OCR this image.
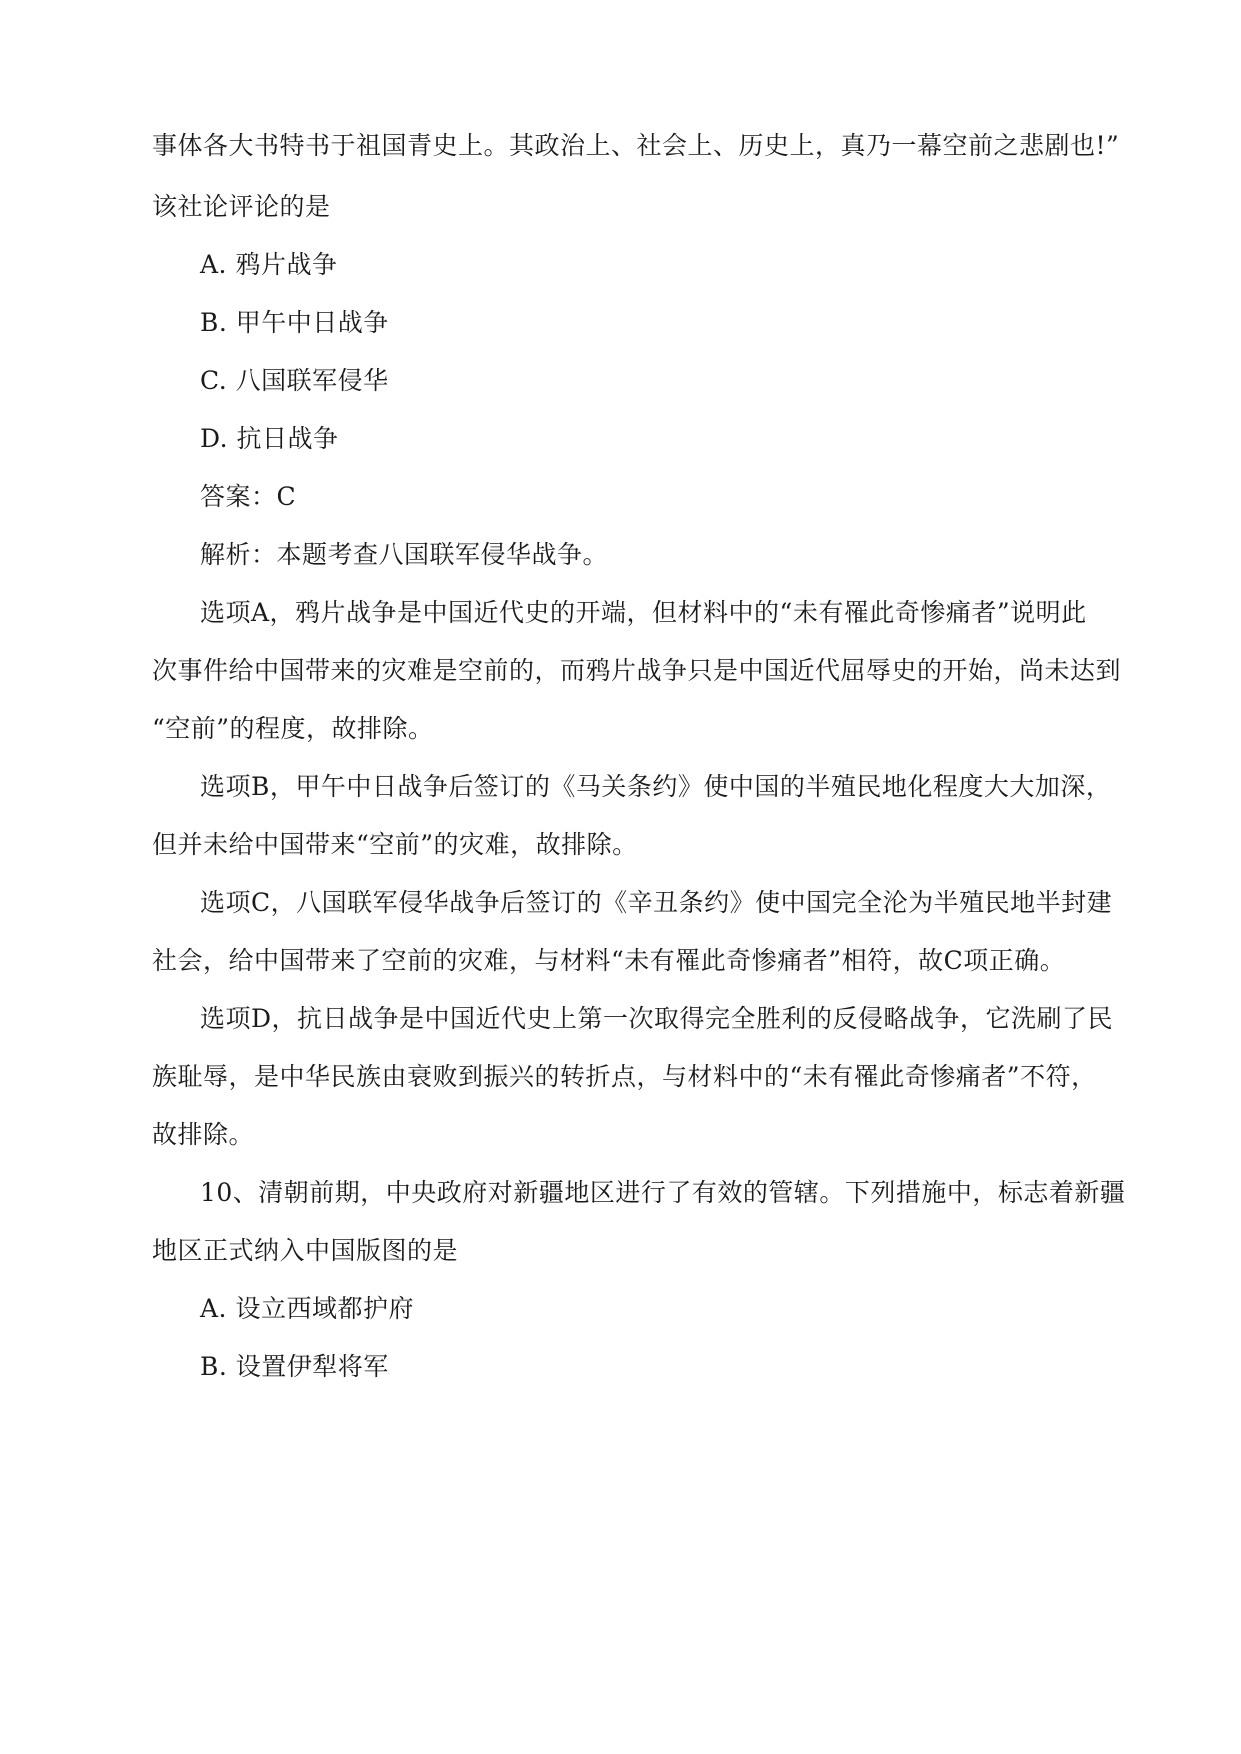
事体各大书特书于祖国青史上。其政治上、社会上、历史上，真乃一幕空前之悲剧也!”

该社论评论的是

A. 鸦片战争

B. 甲午中日战争

C. 八国联军侵华

D. 抗日战争

答案：C

解析：本题考查八国联军侵华战争。

选项A，鸦片战争是中国近代史的开端，但材料中的“未有罹此奇惨痛者”说明此

次事件给中国带来的灾难是空前的，而鸦片战争只是中国近代屈辱史的开始，尚未达到

“空前”的程度，故排除。

选项B，甲午中日战争后签订的《马关条约》使中国的半殖民地化程度大大加深，

但并未给中国带来“空前”的灾难，故排除。

选项C，八国联军侵华战争后签订的《辛丑条约》使中国完全沦为半殖民地半封建

社会，给中国带来了空前的灾难，与材料“未有罹此奇惨痛者”相符，故C项正确。

选项D，抗日战争是中国近代史上第一次取得完全胜利的反侵略战争，它洗刷了民

族耻辱，是中华民族由衰败到振兴的转折点，与材料中的“未有罹此奇惨痛者”不符，

故排除。

10、清朝前期，中央政府对新疆地区进行了有效的管辖。下列措施中，标志着新疆

地区正式纳入中国版图的是

A. 设立西域都护府

B. 设置伊犁将军
